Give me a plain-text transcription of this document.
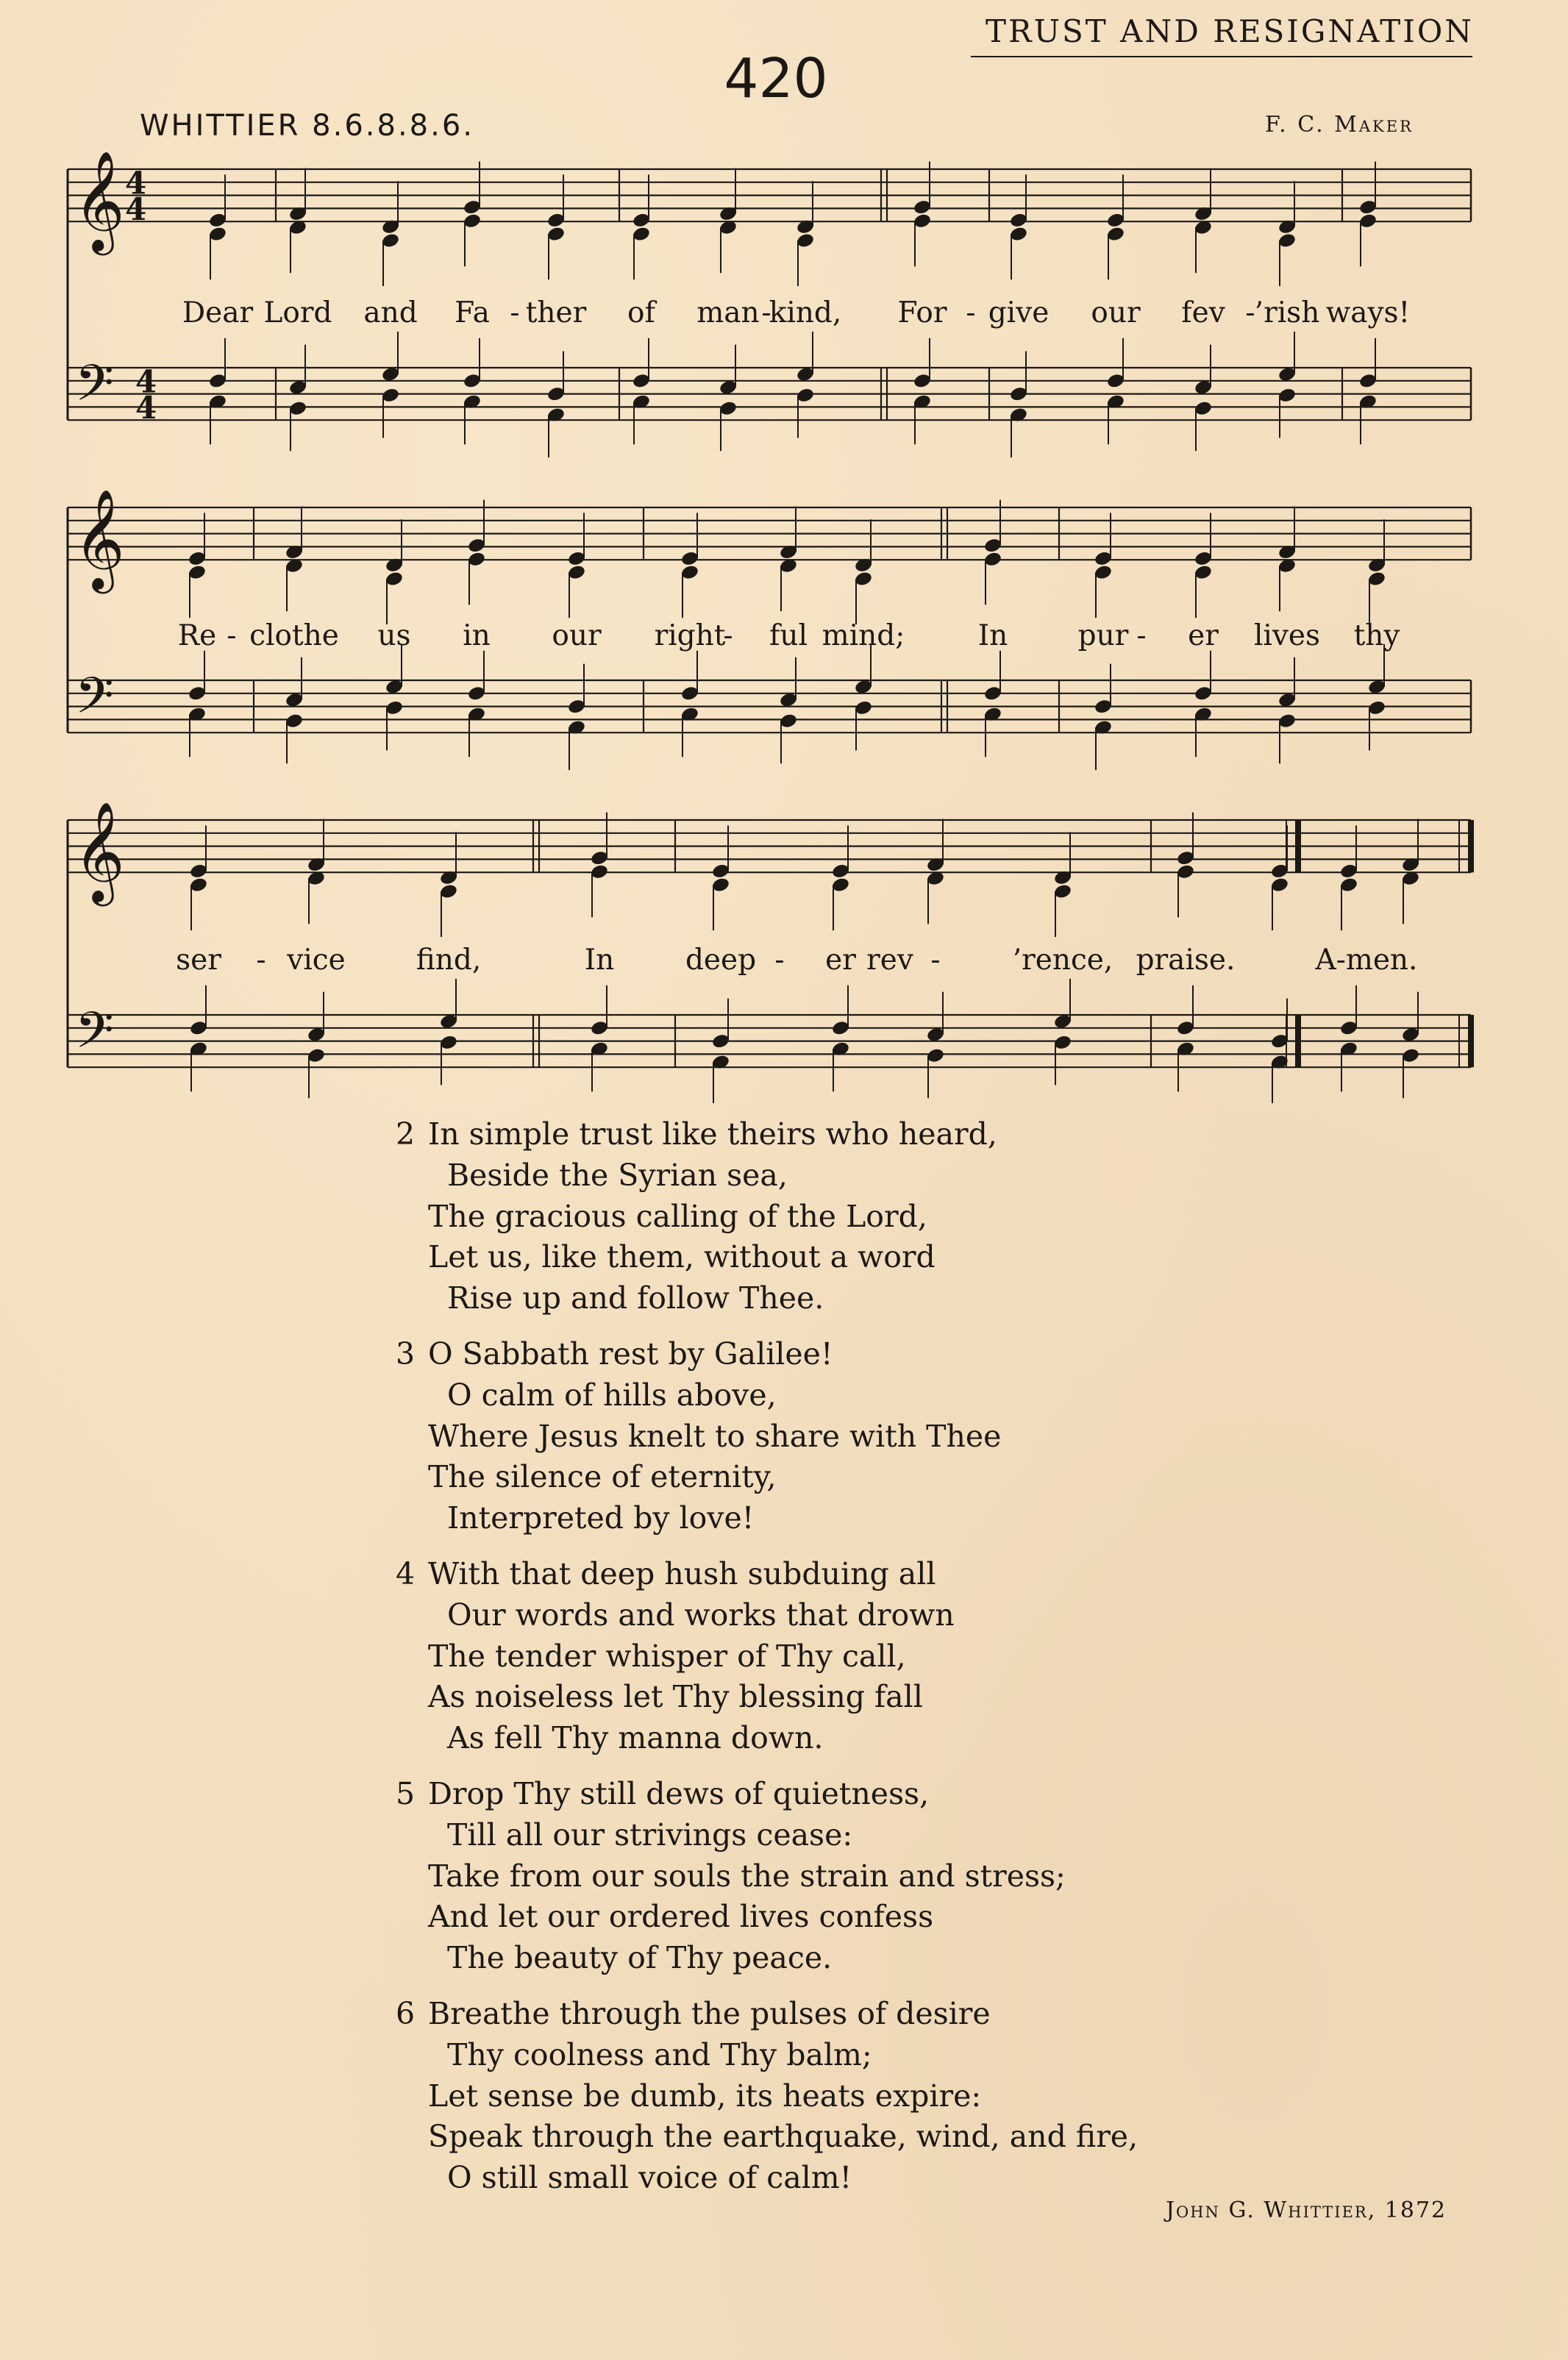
TRUST AND RESIGNATION
420
WHITTIER 8.6.8.8.6.	F. C. Maker
𝄞
𝄢
4
4
4
4
Dear Lord and Fa - ther of man -
kind, For - give our fev - ’rish ways!
𝄞
𝄢
Re - clothe us in our right
- ful mind;	In pur - er lives thy
𝄞
𝄢
ser - vice find,	In deep - er rev -	’rence, praise.	A-men.
2 In simple trust like theirs who heard,
Beside the Syrian sea,
The gracious calling of the Lord,
Let us, like them, without a word
Rise up and follow Thee.
3 O Sabbath rest by Galilee!
O calm of hills above,
Where Jesus knelt to share with Thee
The silence of eternity,
Interpreted by love!
4 With that deep hush subduing all
Our words and works that drown
The tender whisper of Thy call,
As noiseless let Thy blessing fall
As fell Thy manna down.
5 Drop Thy still dews of quietness,
Till all our strivings cease:
Take from our souls the strain and stress;
And let our ordered lives confess
The beauty of Thy peace.
6 Breathe through the pulses of desire
Thy coolness and Thy balm;
Let sense be dumb, its heats expire:
Speak through the earthquake, wind, and fire,
O still small voice of calm!
John G. Whittier, 1872
